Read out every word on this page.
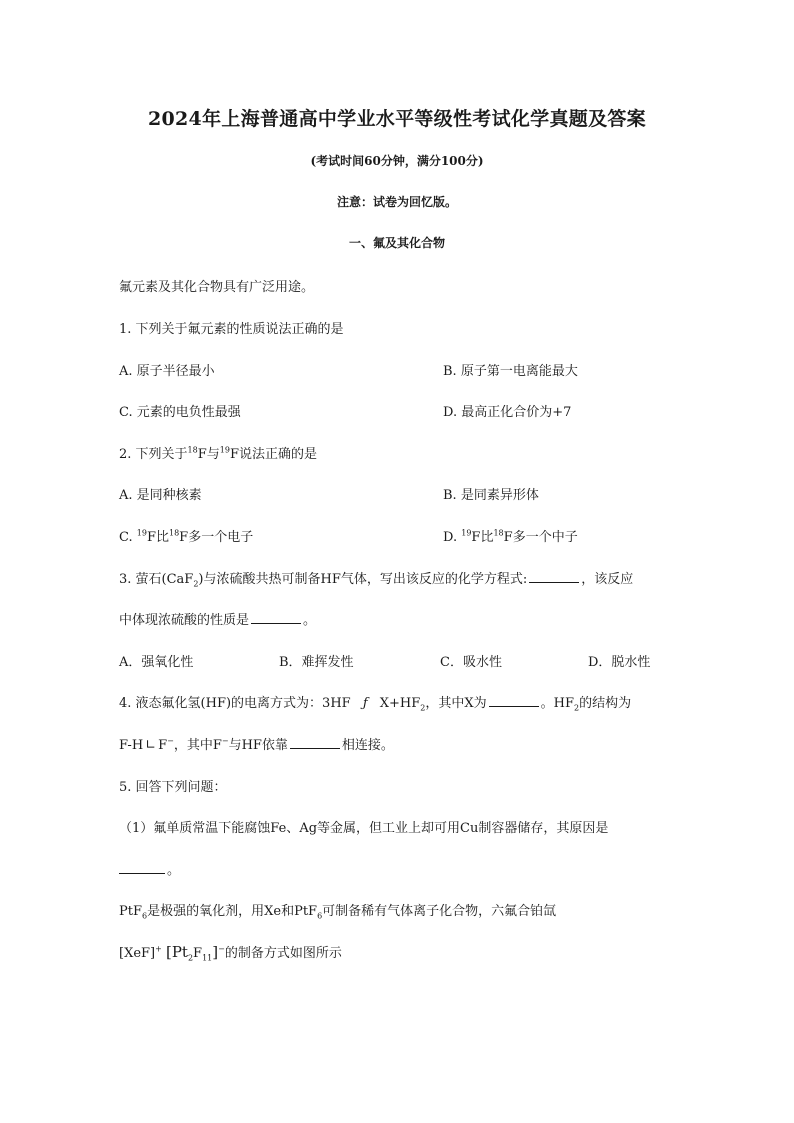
2024年上海普通高中学业水平等级性考试化学真题及答案
(考试时间60分钟，满分100分)
注意：试卷为回忆版。
一、氟及其化合物
氟元素及其化合物具有广泛用途。
1. 下列关于氟元素的性质说法正确的是
A. 原子半径最小	B. 原子第一电离能最大
C. 元素的电负性最强	D. 最高正化合价为+7
2. 下列关于$^{18}$F与$^{19}$F说法正确的是
A. 是同种核素	B. 是同素异形体
C. $^{19}$F比$^{18}$F多一个电子	D. $^{19}$F比$^{18}$F多一个中子
3. 萤石(CaF$_2$)与浓硫酸共热可制备HF气体，写出该反应的化学方程式:	，该反应
中体现浓硫酸的性质是	。
A．强氧化性	B．难挥发性	C．吸水性	D．脱水性
4. 液态氟化氢(HF)的电离方式为：3HF ƒ $X+HF_2$，其中X为	。$HF_2$的结构为
F-H ∟ F−，其中F−与HF依靠	相连接。
5. 回答下列问题：
（1）氟单质常温下能腐蚀Fe、Ag等金属，但工业上却可用Cu制容器储存，其原因是
。
PtF$_6$是极强的氧化剂，用Xe和PtF$_6$可制备稀有气体离子化合物，六氟合铂氙
[XeF]+ $[Pt_2F_{11}]^-$的制备方式如图所示
